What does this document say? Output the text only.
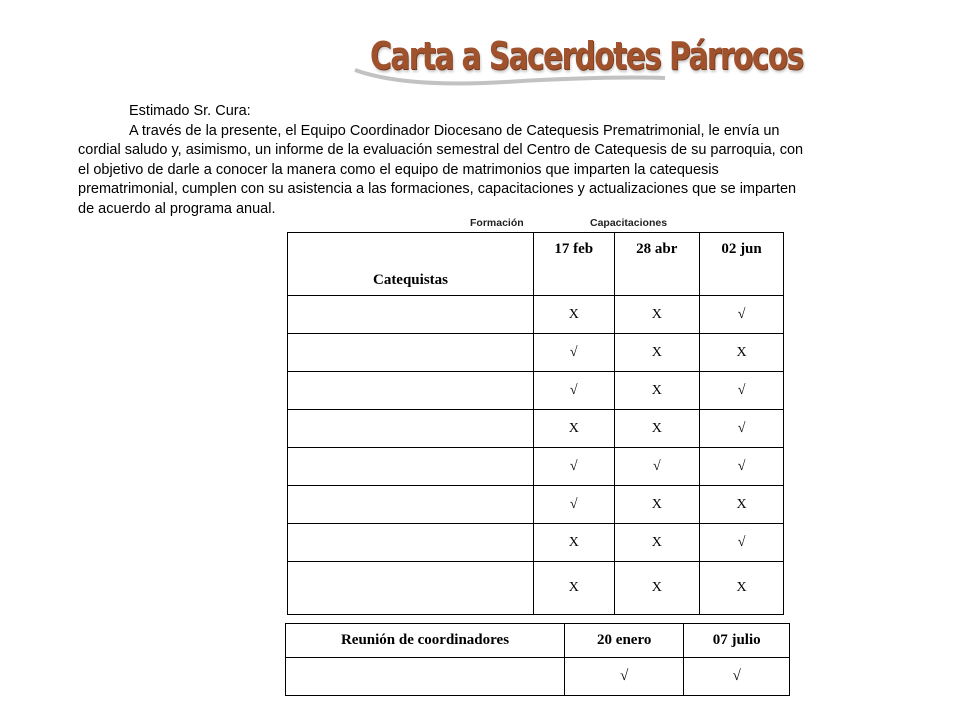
Carta a Sacerdotes Párrocos

Estimado Sr. Cura:

A través de la presente, el Equipo Coordinador Diocesano de Catequesis Prematrimonial, le envía un

cordial saludo y, asimismo, un informe de la evaluación semestral del Centro de Catequesis de su parroquia, con

el objetivo de darle a conocer la manera como el equipo de matrimonios que imparten la catequesis

prematrimonial, cumplen con su asistencia a las formaciones, capacitaciones y actualizaciones que se imparten

de acuerdo al programa anual.

Formación	Capacitaciones
Catequistas	17 feb	28 abr	02 jun
	X	X	√
	√	X	X
	√	X	√
	X	X	√
	√	√	√
	√	X	X
	X	X	√
	X	X	X
Reunión de coordinadores	20 enero	07 julio
	√	√
